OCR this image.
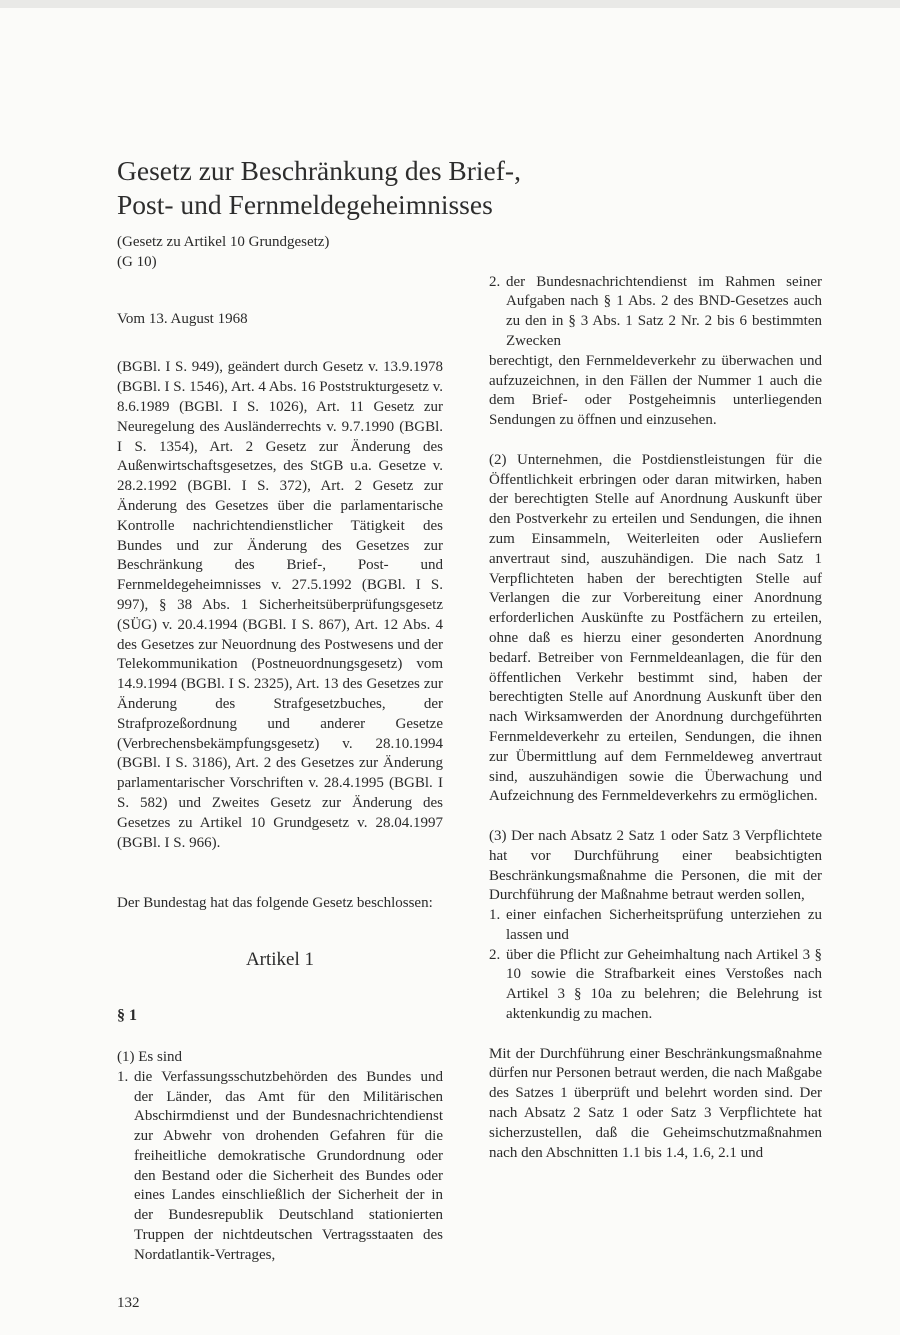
Gesetz zur Beschränkung des Brief-,
Post- und Fernmeldegeheimnisses

(Gesetz zu Artikel 10 Grundgesetz)

(G 10)

Vom 13. August 1968

(BGBl. I S. 949), geändert durch Gesetz v. 13.9.1978 (BGBl. I S. 1546), Art. 4 Abs. 16 Poststrukturgesetz v. 8.6.1989 (BGBl. I S. 1026), Art. 11 Gesetz zur Neuregelung des Ausländerrechts v. 9.7.1990 (BGBl. I S. 1354), Art. 2 Gesetz zur Änderung des Außenwirtschaftsgesetzes, des StGB u.a. Gesetze v. 28.2.1992 (BGBl. I S. 372), Art. 2 Gesetz zur Änderung des Gesetzes über die parlamentarische Kontrolle nachrichtendienstlicher Tätigkeit des Bundes und zur Änderung des Gesetzes zur Beschränkung des Brief-, Post- und Fernmeldegeheimnisses v. 27.5.1992 (BGBl. I S. 997), § 38 Abs. 1 Sicherheitsüberprüfungsgesetz (SÜG) v. 20.4.1994 (BGBl. I S. 867), Art. 12 Abs. 4 des Gesetzes zur Neuordnung des Postwesens und der Telekommunikation (Postneuordnungsgesetz) vom 14.9.1994 (BGBl. I S. 2325), Art. 13 des Gesetzes zur Änderung des Strafgesetzbuches, der Strafprozeßordnung und anderer Gesetze (Verbrechensbekämpfungsgesetz) v. 28.10.1994 (BGBl. I S. 3186), Art. 2 des Gesetzes zur Änderung parlamentarischer Vorschriften v. 28.4.1995 (BGBl. I S. 582) und Zweites Gesetz zur Änderung des Gesetzes zu Artikel 10 Grundgesetz v. 28.04.1997 (BGBl. I S. 966).

Der Bundestag hat das folgende Gesetz beschlossen:

Artikel 1

§ 1

(1) Es sind

1. die Verfassungsschutzbehörden des Bundes und der Länder, das Amt für den Militärischen Abschirmdienst und der Bundesnachrichtendienst zur Abwehr von drohenden Gefahren für die freiheitliche demokratische Grundordnung oder den Bestand oder die Sicherheit des Bundes oder eines Landes einschließlich der Sicherheit der in der Bundesrepublik Deutschland stationierten Truppen der nichtdeutschen Vertragsstaaten des Nordatlantik-Vertrages,
2. der Bundesnachrichtendienst im Rahmen seiner Aufgaben nach § 1 Abs. 2 des BND-Gesetzes auch zu den in § 3 Abs. 1 Satz 2 Nr. 2 bis 6 bestimmten Zwecken

berechtigt, den Fernmeldeverkehr zu überwachen und aufzuzeichnen, in den Fällen der Nummer 1 auch die dem Brief- oder Postgeheimnis unterliegenden Sendungen zu öffnen und einzusehen.

(2) Unternehmen, die Postdienstleistungen für die Öffentlichkeit erbringen oder daran mitwirken, haben der berechtigten Stelle auf Anordnung Auskunft über den Postverkehr zu erteilen und Sendungen, die ihnen zum Einsammeln, Weiterleiten oder Ausliefern anvertraut sind, auszuhändigen. Die nach Satz 1 Verpflichteten haben der berechtigten Stelle auf Verlangen die zur Vorbereitung einer Anordnung erforderlichen Auskünfte zu Postfächern zu erteilen, ohne daß es hierzu einer gesonderten Anordnung bedarf. Betreiber von Fernmeldeanlagen, die für den öffentlichen Verkehr bestimmt sind, haben der berechtigten Stelle auf Anordnung Auskunft über den nach Wirksamwerden der Anordnung durchgeführten Fernmeldeverkehr zu erteilen, Sendungen, die ihnen zur Übermittlung auf dem Fernmeldeweg anvertraut sind, auszuhändigen sowie die Überwachung und Aufzeichnung des Fernmeldeverkehrs zu ermöglichen.

(3) Der nach Absatz 2 Satz 1 oder Satz 3 Verpflichtete hat vor Durchführung einer beabsichtigten Beschränkungsmaßnahme die Personen, die mit der Durchführung der Maßnahme betraut werden sollen,

1. einer einfachen Sicherheitsprüfung unterziehen zu lassen und
2. über die Pflicht zur Geheimhaltung nach Artikel 3 § 10 sowie die Strafbarkeit eines Verstoßes nach Artikel 3 § 10a zu belehren; die Belehrung ist aktenkundig zu machen.

Mit der Durchführung einer Beschränkungsmaßnahme dürfen nur Personen betraut werden, die nach Maßgabe des Satzes 1 überprüft und belehrt worden sind. Der nach Absatz 2 Satz 1 oder Satz 3 Verpflichtete hat sicherzustellen, daß die Geheimschutzmaßnahmen nach den Abschnitten 1.1 bis 1.4, 1.6, 2.1 und

132
